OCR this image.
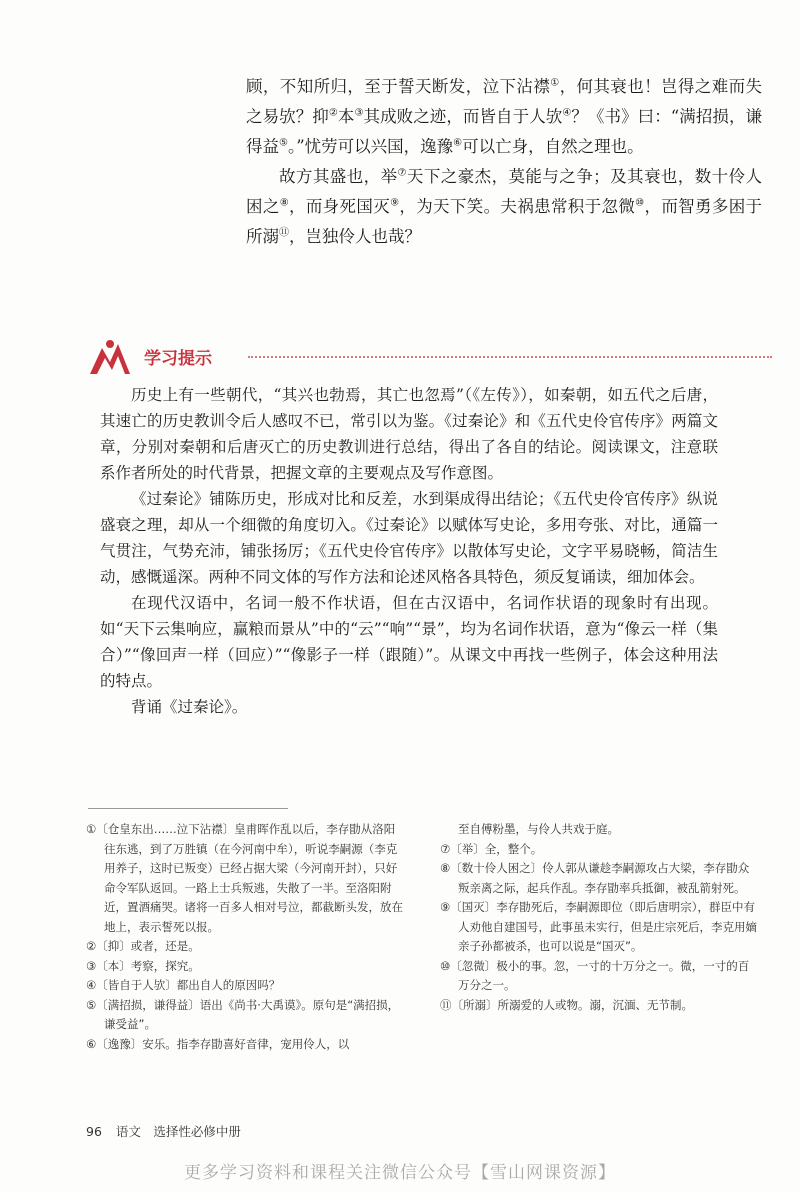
顾，不知所归，至于誓天断发，泣下沾襟①，何其衰也！岂得之难而失之易欤？抑②本③其成败之迹，而皆自于人欤④？《书》曰：“满招损，谦得益⑤。”忧劳可以兴国，逸豫⑥可以亡身，自然之理也。

故方其盛也，举⑦天下之豪杰，莫能与之争；及其衰也，数十伶人困之⑧，而身死国灭⑨，为天下笑。夫祸患常积于忽微⑩，而智勇多困于所溺⑪，岂独伶人也哉？

学习提示

历史上有一些朝代，“其兴也勃焉，其亡也忽焉”（《左传》），如秦朝，如五代之后唐，其速亡的历史教训令后人感叹不已，常引以为鉴。《过秦论》和《五代史伶官传序》两篇文章，分别对秦朝和后唐灭亡的历史教训进行总结，得出了各自的结论。阅读课文，注意联系作者所处的时代背景，把握文章的主要观点及写作意图。

《过秦论》铺陈历史，形成对比和反差，水到渠成得出结论；《五代史伶官传序》纵说盛衰之理，却从一个细微的角度切入。《过秦论》以赋体写史论，多用夸张、对比，通篇一气贯注，气势充沛，铺张扬厉；《五代史伶官传序》以散体写史论，文字平易晓畅，简洁生动，感慨遥深。两种不同文体的写作方法和论述风格各具特色，须反复诵读，细加体会。

在现代汉语中，名词一般不作状语，但在古汉语中，名词作状语的现象时有出现。如“天下云集响应，赢粮而景从”中的“云”“响”“景”，均为名词作状语，意为“像云一样（集合）”“像回声一样（回应）”“像影子一样（跟随）”。从课文中再找一些例子，体会这种用法的特点。

背诵《过秦论》。

①〔仓皇东出……泣下沾襟〕皇甫晖作乱以后，李存勖从洛阳往东逃，到了万胜镇（在今河南中牟），听说李嗣源（李克用养子，这时已叛变）已经占据大梁（今河南开封），只好命令军队返回。一路上士兵叛逃，失散了一半。至洛阳附近，置酒痛哭。诸将一百多人相对号泣，都截断头发，放在地上，表示誓死以报。

②〔抑〕或者，还是。

③〔本〕考察，探究。

④〔皆自于人欤〕都出自人的原因吗？

⑤〔满招损，谦得益〕语出《尚书·大禹谟》。原句是“满招损，谦受益”。

⑥〔逸豫〕安乐。指李存勖喜好音律，宠用伶人，以

至自傅粉墨，与伶人共戏于庭。

⑦〔举〕全，整个。

⑧〔数十伶人困之〕伶人郭从谦趁李嗣源攻占大梁，李存勖众叛亲离之际，起兵作乱。李存勖率兵抵御，被乱箭射死。

⑨〔国灭〕李存勖死后，李嗣源即位（即后唐明宗），群臣中有人劝他自建国号，此事虽未实行，但是庄宗死后，李克用嫡亲子孙都被杀，也可以说是“国灭”。

⑩〔忽微〕极小的事。忽，一寸的十万分之一。微，一寸的百万分之一。

⑪〔所溺〕所溺爱的人或物。溺，沉湎、无节制。

96 语文　选择性必修中册
更多学习资料和课程关注微信公众号【雪山网课资源】
